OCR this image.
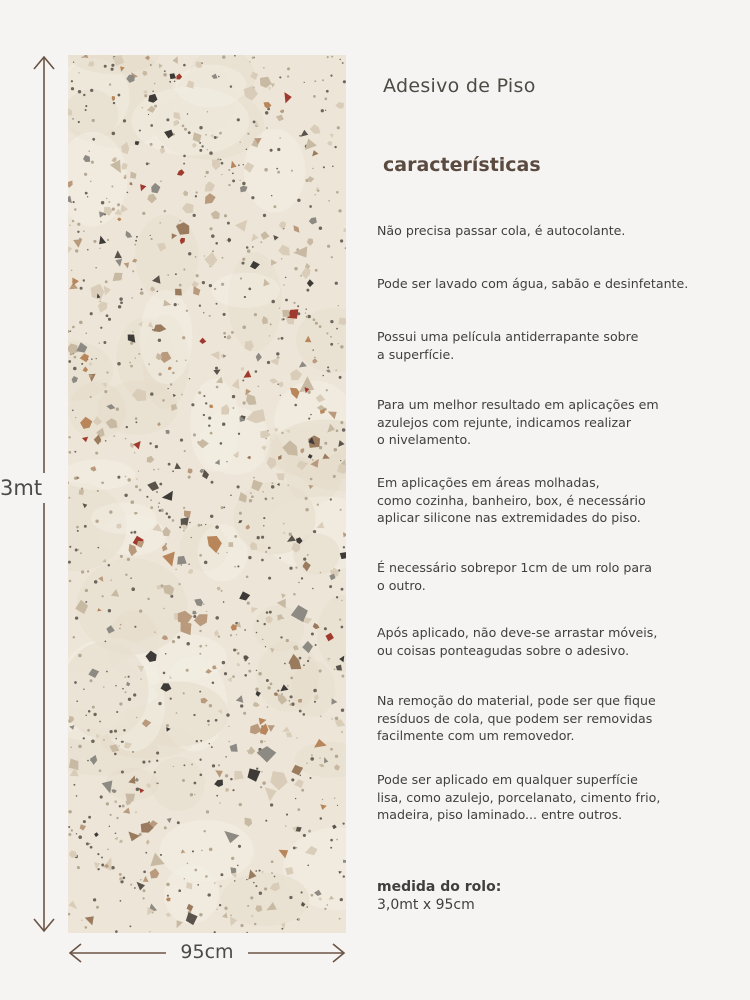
3mt
95cm
Adesivo de Piso
características
Não precisa passar cola, é autocolante.
Pode ser lavado com água, sabão e desinfetante.
Possui uma película antiderrapante sobre
a superfície.
Para um melhor resultado em aplicações em
azulejos com rejunte, indicamos realizar
o nivelamento.
Em aplicações em áreas molhadas,
como cozinha, banheiro, box, é necessário
aplicar silicone nas extremidades do piso.
É necessário sobrepor 1cm de um rolo para
o outro.
Após aplicado, não deve-se arrastar móveis,
ou coisas ponteagudas sobre o adesivo.
Na remoção do material, pode ser que fique
resíduos de cola, que podem ser removidas
facilmente com um removedor.
Pode ser aplicado em qualquer superfície
lisa, como azulejo, porcelanato, cimento frio,
madeira, piso laminado... entre outros.
medida do rolo:
3,0mt x 95cm
